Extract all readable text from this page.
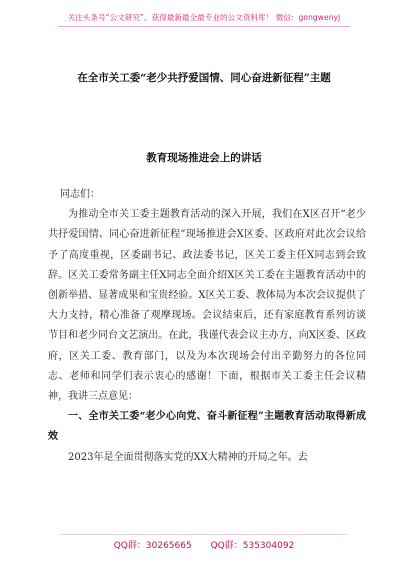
关注头条号“公文研究”，获得最新最全最专业的公文资料库！ 微信：gongwenyj
在全市关工委“老少共抒爱国情、同心奋进新征程”主题
教育现场推进会上的讲话

同志们：

为推动全市关工委主题教育活动的深入开展，我们在X区召开“老少共抒爱国情、同心奋进新征程”现场推进会X区委、区政府对此次会议给予了高度重视，区委副书记、政法委书记，区关工委主任X同志到会致辞。区关工委常务副主任X同志全面介绍X区关工委在主题教育活动中的创新举措、显著成果和宝贵经验。X区关工委、教体局为本次会议提供了大力支持，精心准备了观摩现场。会议结束后，还有家庭教育系列访谈节目和老少同台文艺演出。在此，我谨代表会议主办方，向X区委、区政府，区关工委、教育部门，以及为本次现场会付出辛勤努力的各位同志、老师和同学们表示衷心的感谢！下面，根据市关工委主任会议精神，我讲三点意见：

一、全市关工委“老少心向党、奋斗新征程”主题教育活动取得新成效

2023年是全面贯彻落实党的XX大精神的开局之年。去

QQ群：30265665 QQ群：535304092
